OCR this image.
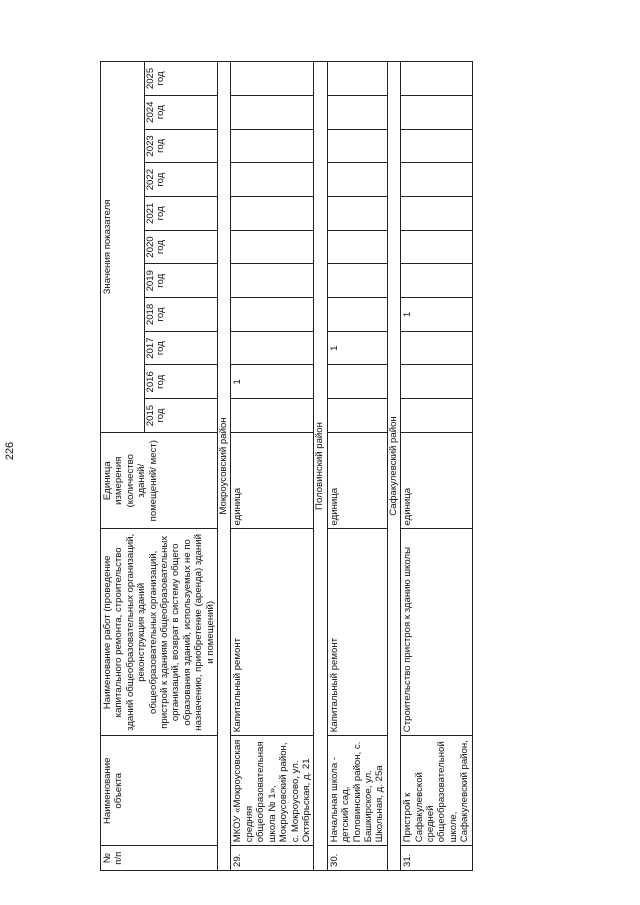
226
№ п/п	Наименование объекта	Наименование работ (проведение капитального ремонта, строительство зданий общеобразовательных организаций, реконструкция зданий общеобразовательных организаций, пристрой к зданиям общеобразовательных организаций, возврат в систему общего образования зданий, используемых не по назначению, приобретение (аренда) зданий и помещений)	Единица измерения (количество зданий/ помещений/ мест)	Значения показателя										
				2015 год	2016 год	2017 год	2018 год	2019 год	2020 год	2021 год	2022 год	2023 год	2024 год	2025 год
Мокроусовский район														
29.	МКОУ «Мокроусовская средняя общеобразовательная школа № 1», Мокроусовский район, с. Мокроусово, ул. Октябрьская, д. 21	Капитальный ремонт	единица		1									
Половинский район														
30.	Начальная школа - детский сад, Половинский район, с. Башкирское, ул. Школьная, д. 25а	Капитальный ремонт	единица			1								
Сафакулевский район														
31.	Пристрой к Сафакулевской средней общеобразовательной школе, Сафакулевский район,	Строительство пристроя к зданию школы	единица				1							
